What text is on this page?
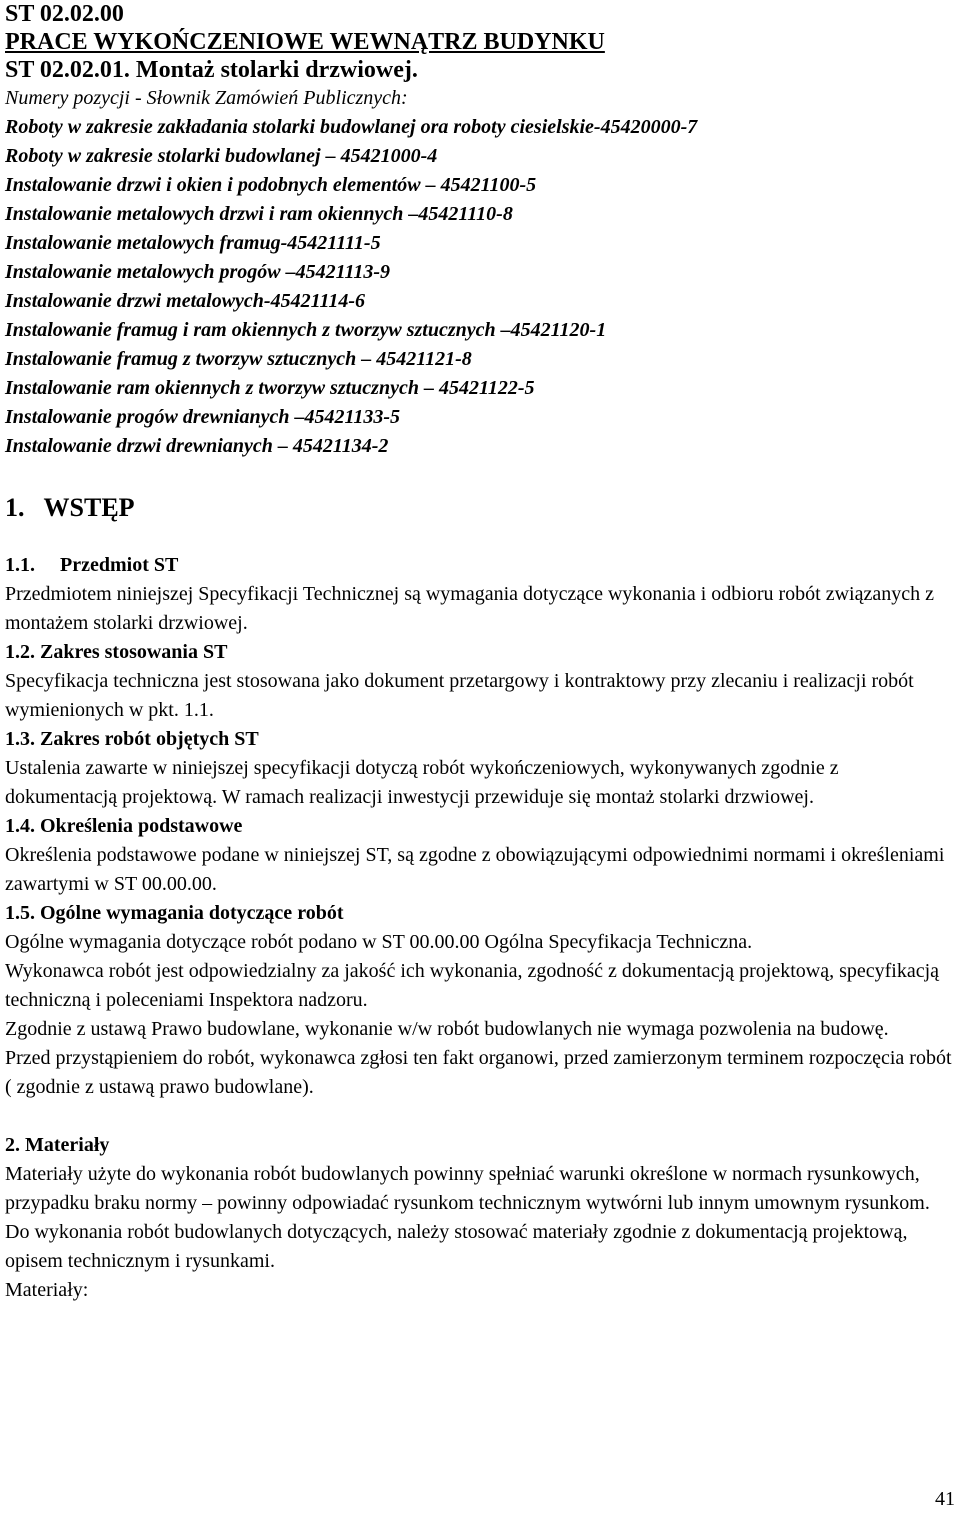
ST 02.02.00
PRACE WYKOŃCZENIOWE WEWNĄTRZ BUDYNKU
ST 02.02.01. Montaż stolarki drzwiowej.
Numery pozycji - Słownik Zamówień Publicznych:
Roboty w zakresie zakładania stolarki budowlanej ora roboty ciesielskie-45420000-7
Roboty w zakresie stolarki budowlanej – 45421000-4
Instalowanie drzwi i okien i podobnych elementów – 45421100-5
Instalowanie metalowych drzwi i ram okiennych –45421110-8
Instalowanie metalowych framug-45421111-5
Instalowanie metalowych progów –45421113-9
Instalowanie drzwi metalowych-45421114-6
Instalowanie framug i ram okiennych z tworzyw sztucznych –45421120-1
Instalowanie framug z tworzyw sztucznych – 45421121-8
Instalowanie ram okiennych z tworzyw sztucznych – 45421122-5
Instalowanie progów drewnianych –45421133-5
Instalowanie drzwi drewnianych – 45421134-2
1.   WSTĘP
1.1. Przedmiot ST
Przedmiotem niniejszej Specyfikacji Technicznej są wymagania dotyczące wykonania i odbioru robót związanych z montażem stolarki drzwiowej.
1.2. Zakres stosowania ST
Specyfikacja techniczna jest stosowana jako dokument przetargowy i kontraktowy przy zlecaniu i realizacji robót wymienionych w pkt. 1.1.
1.3. Zakres robót objętych ST
Ustalenia zawarte w niniejszej specyfikacji dotyczą robót wykończeniowych, wykonywanych zgodnie z dokumentacją projektową. W ramach realizacji inwestycji przewiduje się montaż stolarki drzwiowej.
1.4. Określenia podstawowe
Określenia podstawowe podane w niniejszej ST, są zgodne z obowiązującymi odpowiednimi normami i określeniami zawartymi w ST 00.00.00.
1.5. Ogólne wymagania dotyczące robót
Ogólne wymagania dotyczące robót podano w ST 00.00.00 Ogólna Specyfikacja Techniczna.
Wykonawca robót jest odpowiedzialny za jakość ich wykonania, zgodność z dokumentacją projektową, specyfikacją techniczną i poleceniami Inspektora nadzoru.
Zgodnie z ustawą Prawo budowlane, wykonanie w/w robót budowlanych nie wymaga pozwolenia na budowę.
Przed przystąpieniem do robót, wykonawca zgłosi ten fakt organowi, przed zamierzonym terminem rozpoczęcia robót ( zgodnie z ustawą prawo budowlane).
2. Materiały
Materiały użyte do wykonania robót budowlanych powinny spełniać warunki określone w normach rysunkowych, przypadku braku normy – powinny odpowiadać rysunkom technicznym wytwórni lub innym umownym rysunkom. Do wykonania robót budowlanych dotyczących, należy stosować materiały zgodnie z dokumentacją projektową, opisem technicznym i rysunkami.
Materiały:
41
